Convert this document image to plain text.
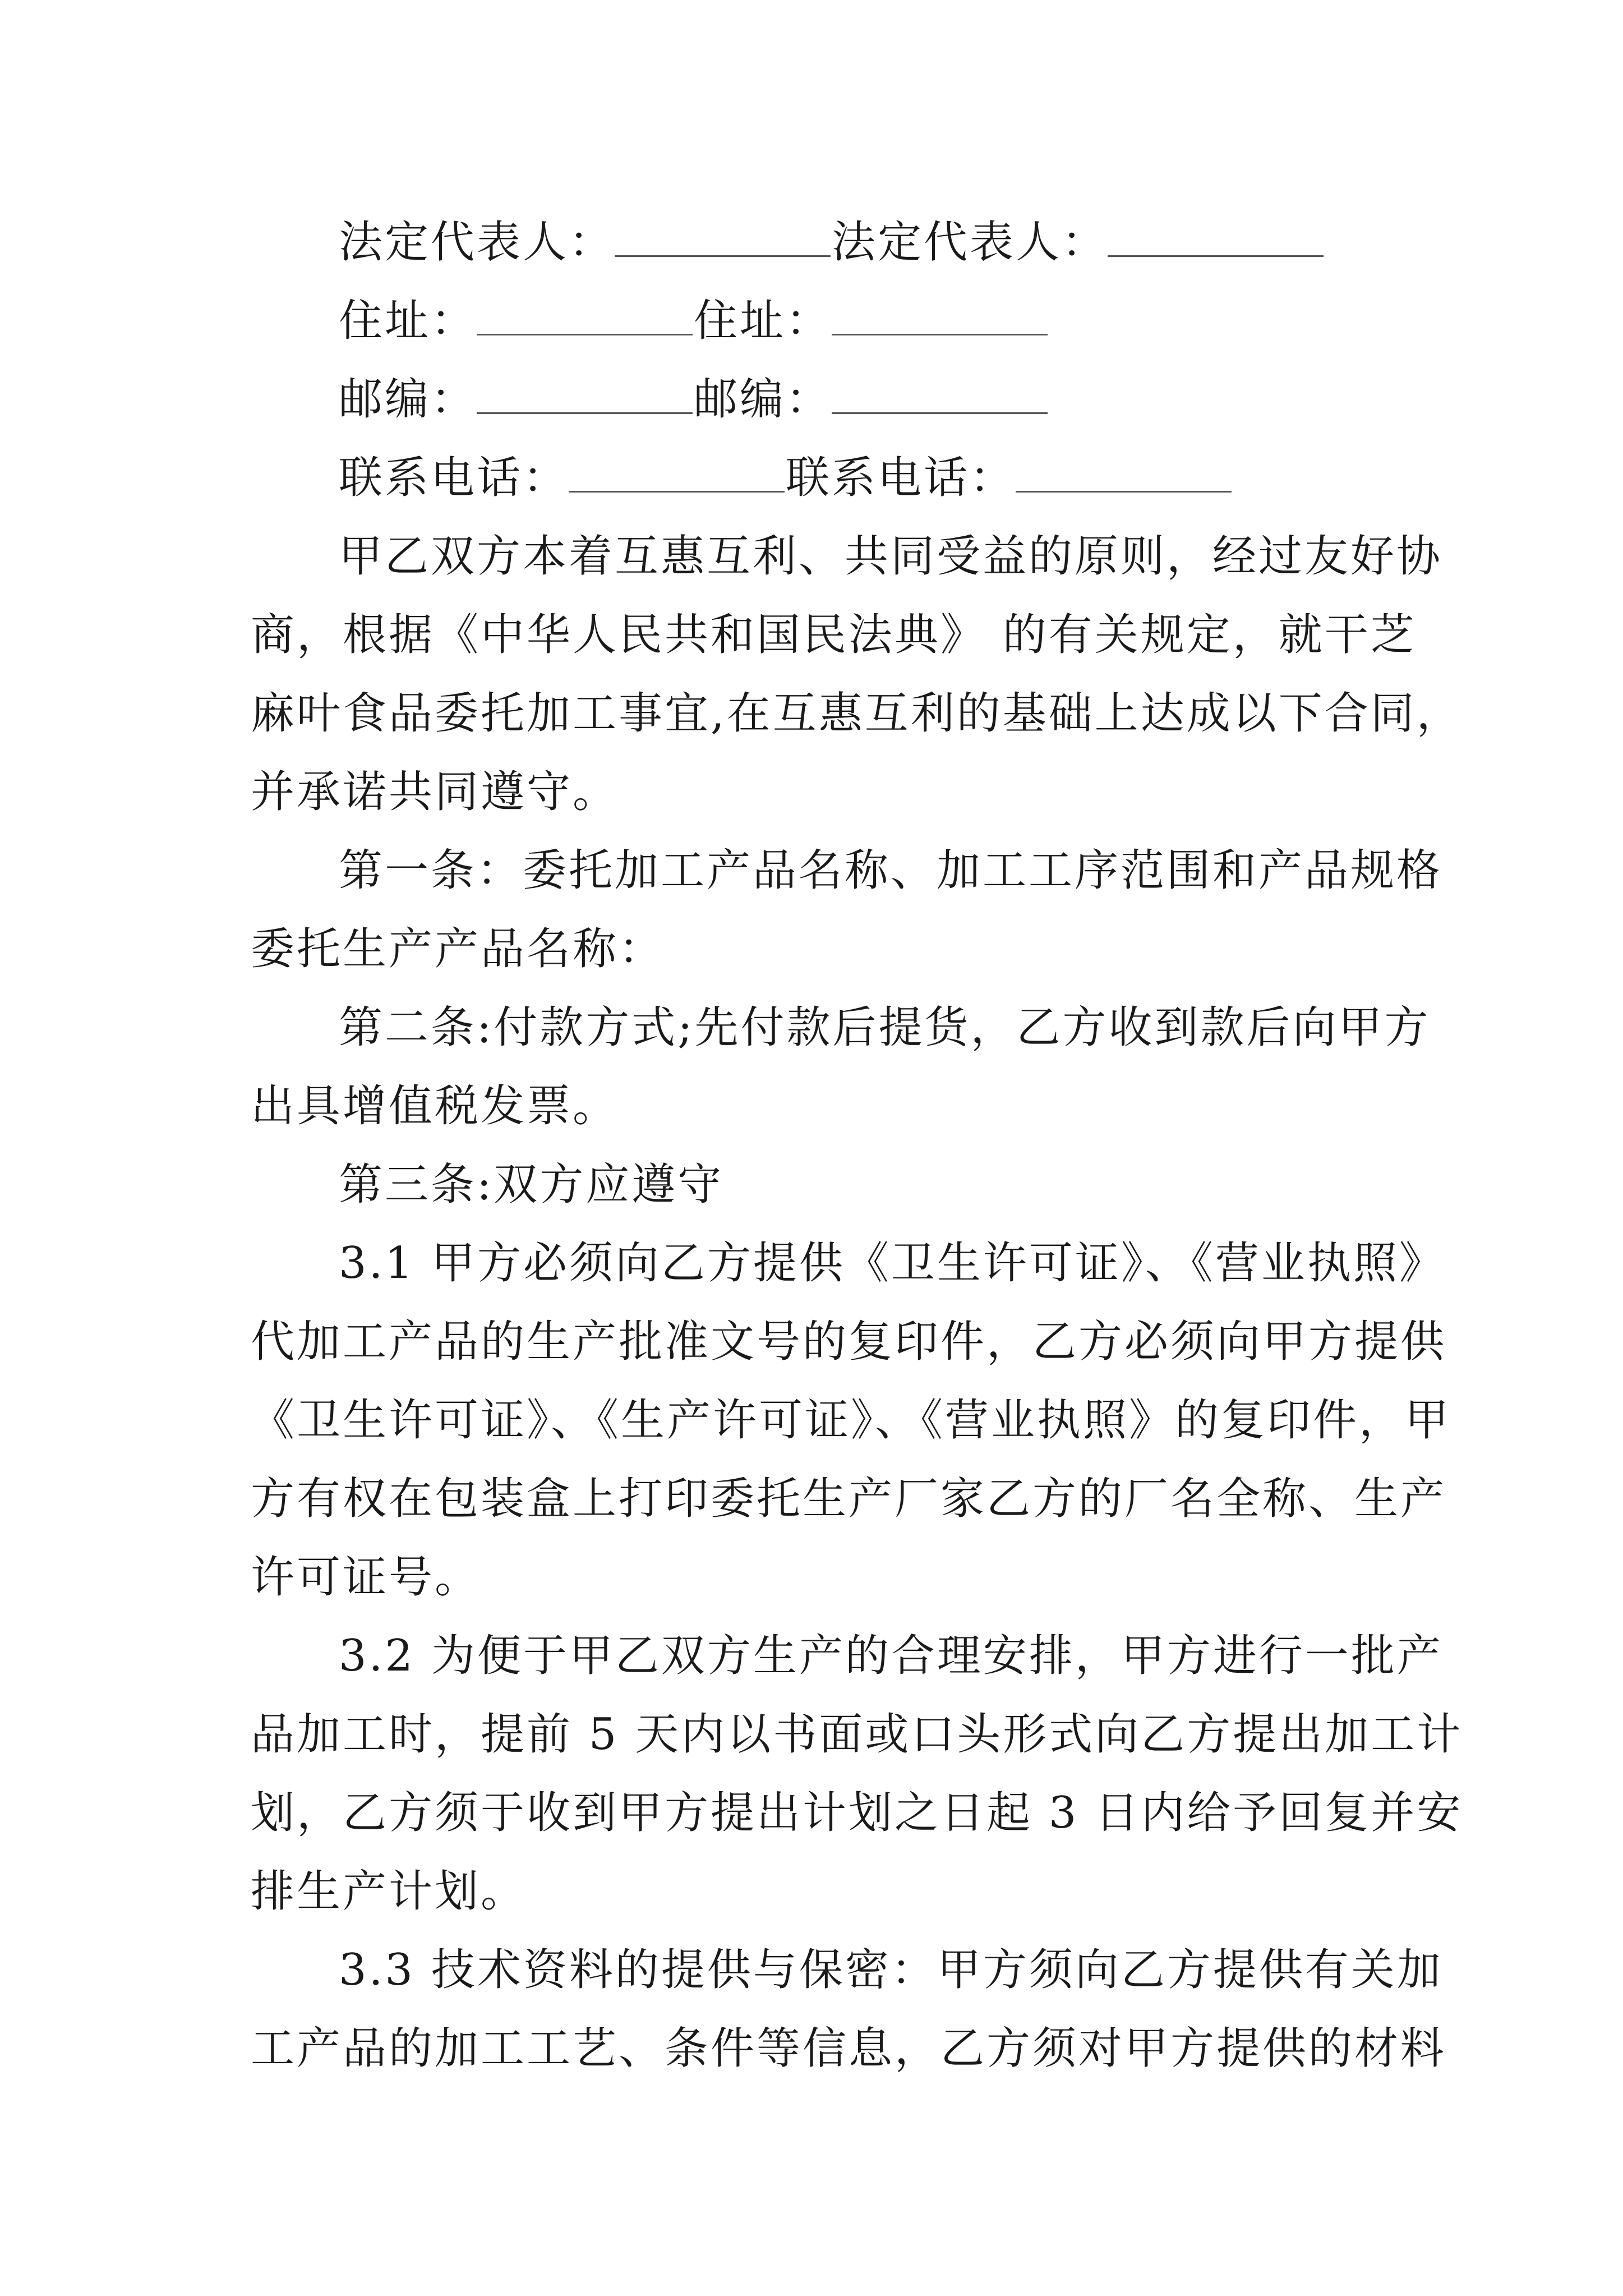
法定代表人：	法定代表人：
住址：	住址：
邮编：	邮编：
联系电话：	联系电话：
甲乙双方本着互惠互利、共同受益的原则，经过友好协
商，根据《中华人民共和国民法典》 的有关规定，就干芝
麻叶食品委托加工事宜,在互惠互利的基础上达成以下合同，
并承诺共同遵守。
第一条：委托加工产品名称、加工工序范围和产品规格
委托生产产品名称：
第二条:付款方式;先付款后提货，乙方收到款后向甲方
出具增值税发票。
第三条:双方应遵守
3.1 甲方必须向乙方提供《卫生许可证》、《营业执照》
代加工产品的生产批准文号的复印件，乙方必须向甲方提供
《卫生许可证》、《生产许可证》、《营业执照》的复印件，甲
方有权在包装盒上打印委托生产厂家乙方的厂名全称、生产
许可证号。
3.2 为便于甲乙双方生产的合理安排，甲方进行一批产
品加工时，提前 5 天内以书面或口头形式向乙方提出加工计
划，乙方须于收到甲方提出计划之日起 3 日内给予回复并安
排生产计划。
3.3 技术资料的提供与保密：甲方须向乙方提供有关加
工产品的加工工艺、条件等信息，乙方须对甲方提供的材料
